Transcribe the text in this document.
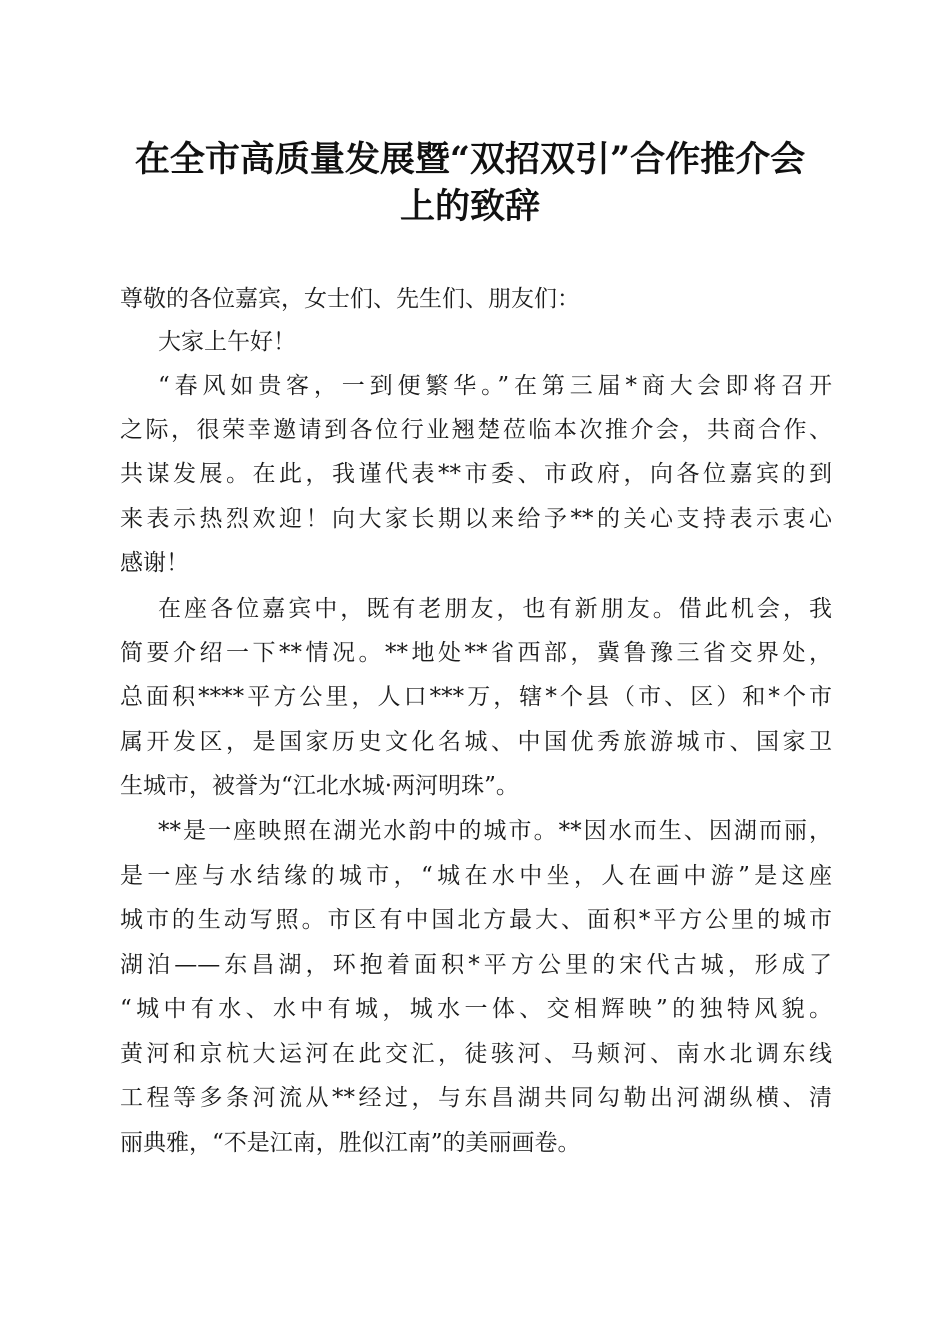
在全市高质量发展暨“双招双引”合作推介会
上的致辞
尊敬的各位嘉宾，女士们、先生们、朋友们：
大家上午好！
“春风如贵客，一到便繁华。”在第三届*商大会即将召开
之际，很荣幸邀请到各位行业翘楚莅临本次推介会，共商合作、
共谋发展。在此，我谨代表**市委、市政府，向各位嘉宾的到
来表示热烈欢迎！向大家长期以来给予**的关心支持表示衷心
感谢！
在座各位嘉宾中，既有老朋友，也有新朋友。借此机会，我
简要介绍一下**情况。**地处**省西部，冀鲁豫三省交界处，
总面积****平方公里，人口***万，辖*个县（市、区）和*个市
属开发区，是国家历史文化名城、中国优秀旅游城市、国家卫
生城市，被誉为“江北水城·两河明珠”。
**是一座映照在湖光水韵中的城市。**因水而生、因湖而丽，
是一座与水结缘的城市，“城在水中坐，人在画中游”是这座
城市的生动写照。市区有中国北方最大、面积*平方公里的城市
湖泊——东昌湖，环抱着面积*平方公里的宋代古城，形成了
“城中有水、水中有城，城水一体、交相辉映”的独特风貌。
黄河和京杭大运河在此交汇，徒骇河、马颊河、南水北调东线
工程等多条河流从**经过，与东昌湖共同勾勒出河湖纵横、清
丽典雅，“不是江南，胜似江南”的美丽画卷。
